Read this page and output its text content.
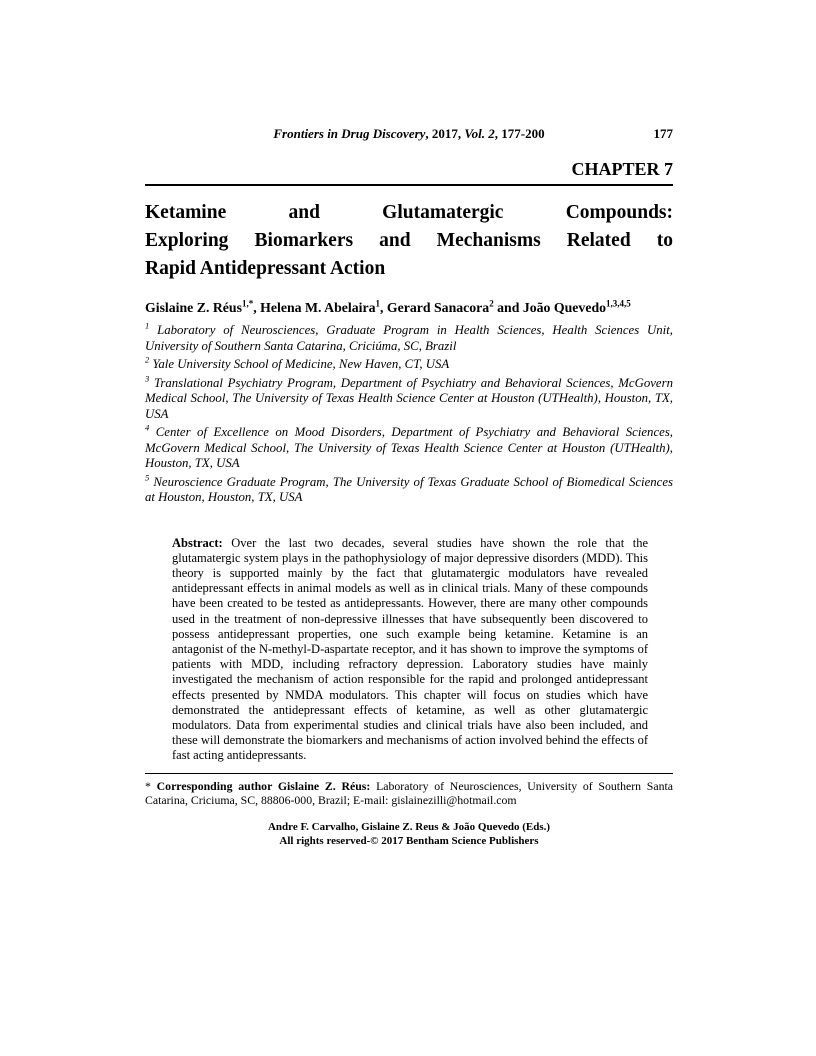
Frontiers in Drug Discovery, 2017, Vol. 2, 177-200	177
CHAPTER 7
Ketamine and Glutamatergic Compounds:
Exploring Biomarkers and Mechanisms Related to
Rapid Antidepressant Action
Gislaine Z. Réus$^{1,*}$, Helena M. Abelaira$^1$, Gerard Sanacora$^2$ and João Quevedo$^{1,3,4,5}$

$^1$ Laboratory of Neurosciences, Graduate Program in Health Sciences, Health Sciences Unit, University of Southern Santa Catarina, Criciúma, SC, Brazil

$^2$ Yale University School of Medicine, New Haven, CT, USA

$^3$ Translational Psychiatry Program, Department of Psychiatry and Behavioral Sciences, McGovern Medical School, The University of Texas Health Science Center at Houston (UTHealth), Houston, TX, USA

$^4$ Center of Excellence on Mood Disorders, Department of Psychiatry and Behavioral Sciences, McGovern Medical School, The University of Texas Health Science Center at Houston (UTHealth), Houston, TX, USA

$^5$ Neuroscience Graduate Program, The University of Texas Graduate School of Biomedical Sciences at Houston, Houston, TX, USA

Abstract: Over the last two decades, several studies have shown the role that the glutamatergic system plays in the pathophysiology of major depressive disorders (MDD). This theory is supported mainly by the fact that glutamatergic modulators have revealed antidepressant effects in animal models as well as in clinical trials. Many of these compounds have been created to be tested as antidepressants. However, there are many other compounds used in the treatment of non-depressive illnesses that have subsequently been discovered to possess antidepressant properties, one such example being ketamine. Ketamine is an antagonist of the N-methyl-D-aspartate receptor, and it has shown to improve the symptoms of patients with MDD, including refractory depression. Laboratory studies have mainly investigated the mechanism of action responsible for the rapid and prolonged antidepressant effects presented by NMDA modulators. This chapter will focus on studies which have demonstrated the antidepressant effects of ketamine, as well as other glutamatergic modulators. Data from experimental studies and clinical trials have also been included, and these will demonstrate the biomarkers and mechanisms of action involved behind the effects of fast acting antidepressants.
* Corresponding author Gislaine Z. Réus: Laboratory of Neurosciences, University of Southern Santa Catarina, Criciuma, SC, 88806-000, Brazil; E-mail: gislainezilli@hotmail.com
Andre F. Carvalho, Gislaine Z. Reus & João Quevedo (Eds.)
All rights reserved-© 2017 Bentham Science Publishers
